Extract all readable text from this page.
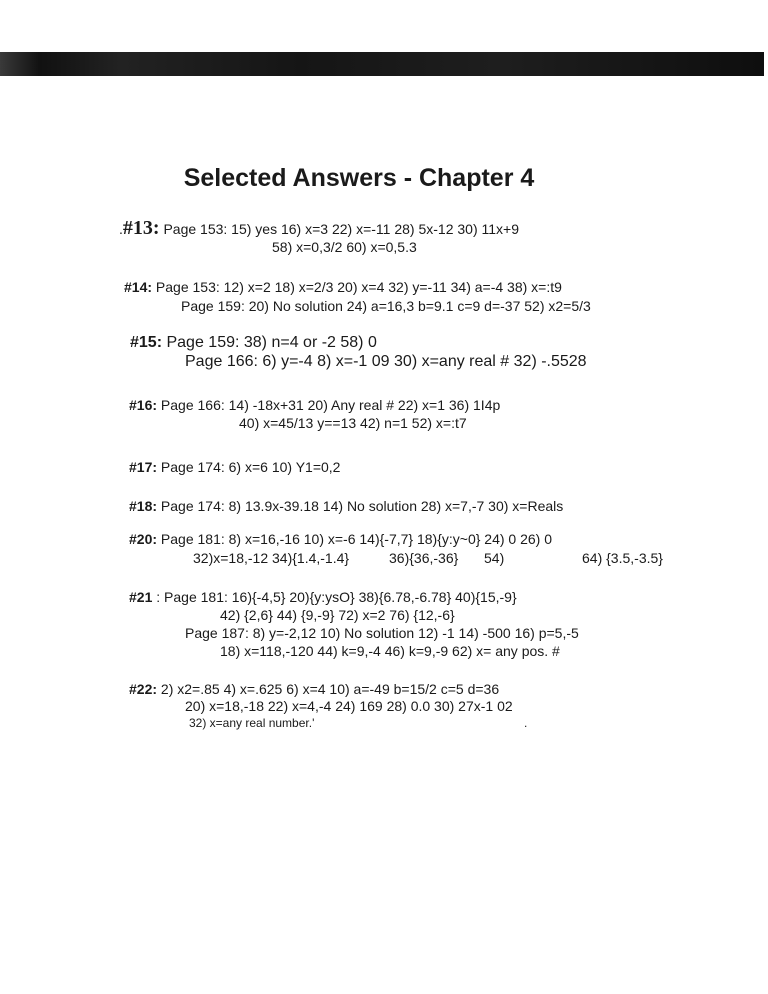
Selected Answers - Chapter 4
.#13: Page 153: 15) yes 16) x=3 22) x=-11 28) 5x-12 30) 11x+9
58) x=0,3/2 60) x=0,5.3
#14: Page 153: 12) x=2 18) x=2/3 20) x=4 32) y=-11 34) a=-4 38) x=:t9
Page 159: 20) No solution 24) a=16,3 b=9.1 c=9 d=-37 52) x2=5/3
#15: Page 159: 38) n=4 or -2 58) 0
Page 166: 6) y=-4 8) x=-1 09 30) x=any real # 32) -.5528
#16: Page 166: 14) -18x+31 20) Any real # 22) x=1 36) 1I4p
40) x=45/13 y==13 42) n=1 52) x=:t7
#17: Page 174: 6) x=6 10) Y1=0,2
#18: Page 174: 8) 13.9x-39.18 14) No solution 28) x=7,-7 30) x=Reals
#20: Page 181: 8) x=16,-16 10) x=-6 14){-7,7} 18){y:y~0} 24) 0 26) 0
32)x=18,-12 34){1.4,-1.4}	36){36,-36} 54)	64) {3.5,-3.5}
#21 : Page 181: 16){-4,5} 20){y:ysO} 38){6.78,-6.78} 40){15,-9}
42) {2,6} 44) {9,-9} 72) x=2 76) {12,-6}
Page 187: 8) y=-2,12 10) No solution 12) -1 14) -500 16) p=5,-5
18) x=118,-120 44) k=9,-4 46) k=9,-9 62) x= any pos. #
#22: 2) x2=.85 4) x=.625 6) x=4 10) a=-49 b=15/2 c=5 d=36
20) x=18,-18 22) x=4,-4 24) 169 28) 0.0 30) 27x-1 02
32) x=any real number.'	.
